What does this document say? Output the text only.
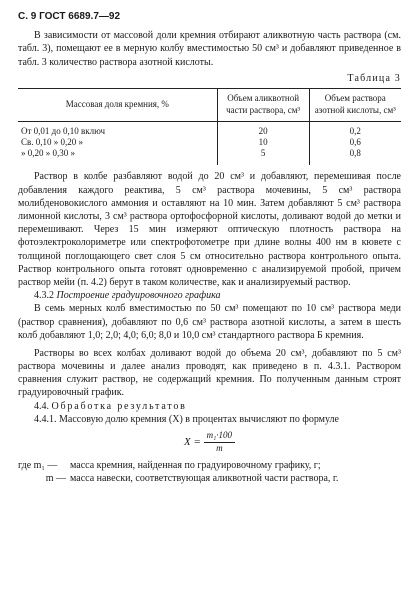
С. 9 ГОСТ 6689.7—92

В зависимости от массовой доли кремния отбирают аликвотную часть раствора (см. табл. 3), помещают ее в мерную колбу вместимостью 50 см³ и добавляют приведенное в табл. 3 количество раствора азотной кислоты.

Таблица 3
Массовая доля кремния, %	Объем аликвотной части раствора, см³	Объем раствора азотной кислоты, см³
От 0,01 до 0,10 включ	20	0,2
Св. 0,10 » 0,20 »	10	0,6
» 0,20 » 0,30 »	5	0,8

Раствор в колбе разбавляют водой до 20 см³ и добавляют, перемешивая после добавления каждого реактива, 5 см³ раствора мочевины, 5 см³ раствора молибденовокислого аммония и оставляют на 10 мин. Затем добавляют 5 см³ раствора лимонной кислоты, 3 см³ раствора ортофосфорной кислоты, доливают водой до метки и перемешивают. Через 15 мин измеряют оптическую плотность раствора на фотоэлектроколориметре или спектрофотометре при длине волны 400 нм в кювете с толщиной поглощающего свет слоя 5 см относительно раствора контрольного опыта. Раствор контрольного опыта готовят одновременно с анализируемой пробой, причем раствор мейи (п. 4.2) берут в таком количестве, как и анализируемый раствор.

4.3.2 Построение градуировочного графика

В семь мерных колб вместимостью по 50 см³ помещают по 10 см³ раствора меди (раствор сравнения), добавляют по 0,6 см³ раствора азотной кислоты, а затем в шесть колб добавляют 1,0; 2,0; 4,0; 6,0; 8,0 и 10,0 см³ стандартного раствора Б кремния.

Растворы во всех колбах доливают водой до объема 20 см³, добавляют по 5 см³ раствора мочевины и далее анализ проводят, как приведено в п. 4.3.1. Раствором сравнения служит раствор, не содержащий кремния. По полученным данным строят градуировочный график.

4.4. Обработка результатов

4.4.1. Массовую долю кремния (X) в процентах вычисляют по формуле

$X = \frac{\text{m₁·100}}{m}$
где m₁ —	масса кремния, найденная по градуировочному графику, г;
m — масса навески, соответствующая аликвотной части раствора, г.
